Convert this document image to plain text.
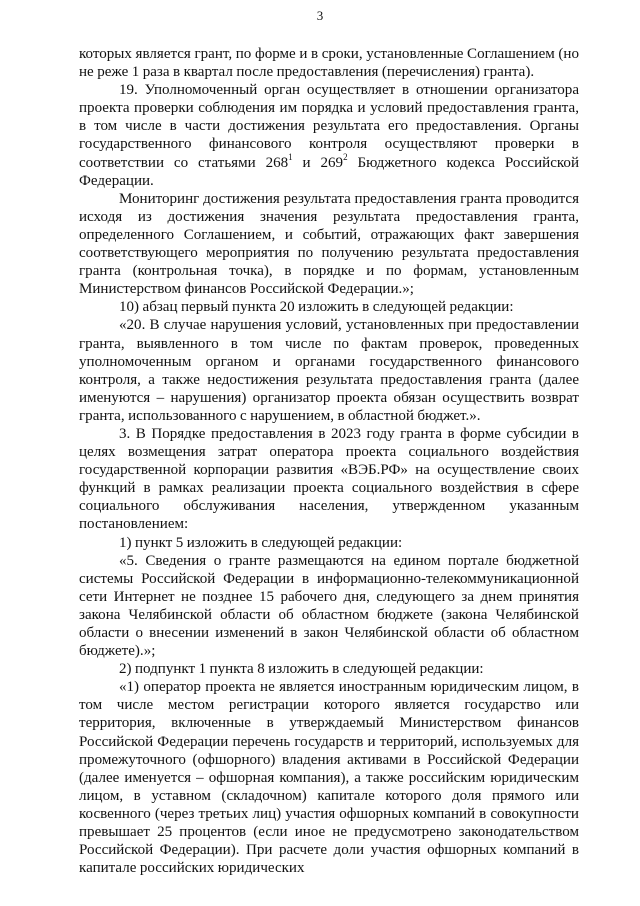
3

которых является грант, по форме и в сроки, установленные Соглашением (но не реже 1 раза в квартал после предоставления (перечисления) гранта).

19. Уполномоченный орган осуществляет в отношении организатора проекта проверки соблюдения им порядка и условий предоставления гранта, в том числе в части достижения результата его предоставления. Органы государственного финансового контроля осуществляют проверки в соответствии со статьями $268^1$ и $269^2$ Бюджетного кодекса Российской Федерации.

Мониторинг достижения результата предоставления гранта проводится исходя из достижения значения результата предоставления гранта, определенного Соглашением, и событий, отражающих факт завершения соответствующего мероприятия по получению результата предоставления гранта (контрольная точка), в порядке и по формам, установленным Министерством финансов Российской Федерации.»;

10) абзац первый пункта 20 изложить в следующей редакции:

«20. В случае нарушения условий, установленных при предоставлении гранта, выявленного в том числе по фактам проверок, проведенных уполномоченным органом и органами государственного финансового контроля, а также недостижения результата предоставления гранта (далее именуются – нарушения) организатор проекта обязан осуществить возврат гранта, использованного с нарушением, в областной бюджет.».

3. В Порядке предоставления в 2023 году гранта в форме субсидии в целях возмещения затрат оператора проекта социального воздействия государственной корпорации развития «ВЭБ.РФ» на осуществление своих функций в рамках реализации проекта социального воздействия в сфере социального обслуживания населения, утвержденном указанным постановлением:

1) пункт 5 изложить в следующей редакции:

«5. Сведения о гранте размещаются на едином портале бюджетной системы Российской Федерации в информационно-телекоммуникационной сети Интернет не позднее 15 рабочего дня, следующего за днем принятия закона Челябинской области об областном бюджете (закона Челябинской области о внесении изменений в закон Челябинской области об областном бюджете).»;

2) подпункт 1 пункта 8 изложить в следующей редакции:

«1) оператор проекта не является иностранным юридическим лицом, в том числе местом регистрации которого является государство или территория, включенные в утверждаемый Министерством финансов Российской Федерации перечень государств и территорий, используемых для промежуточного (офшорного) владения активами в Российской Федерации (далее именуется – офшорная компания), а также российским юридическим лицом, в уставном (складочном) капитале которого доля прямого или косвенного (через третьих лиц) участия офшорных компаний в совокупности превышает 25 процентов (если иное не предусмотрено законодательством Российской Федерации). При расчете доли участия офшорных компаний в капитале российских юридических
